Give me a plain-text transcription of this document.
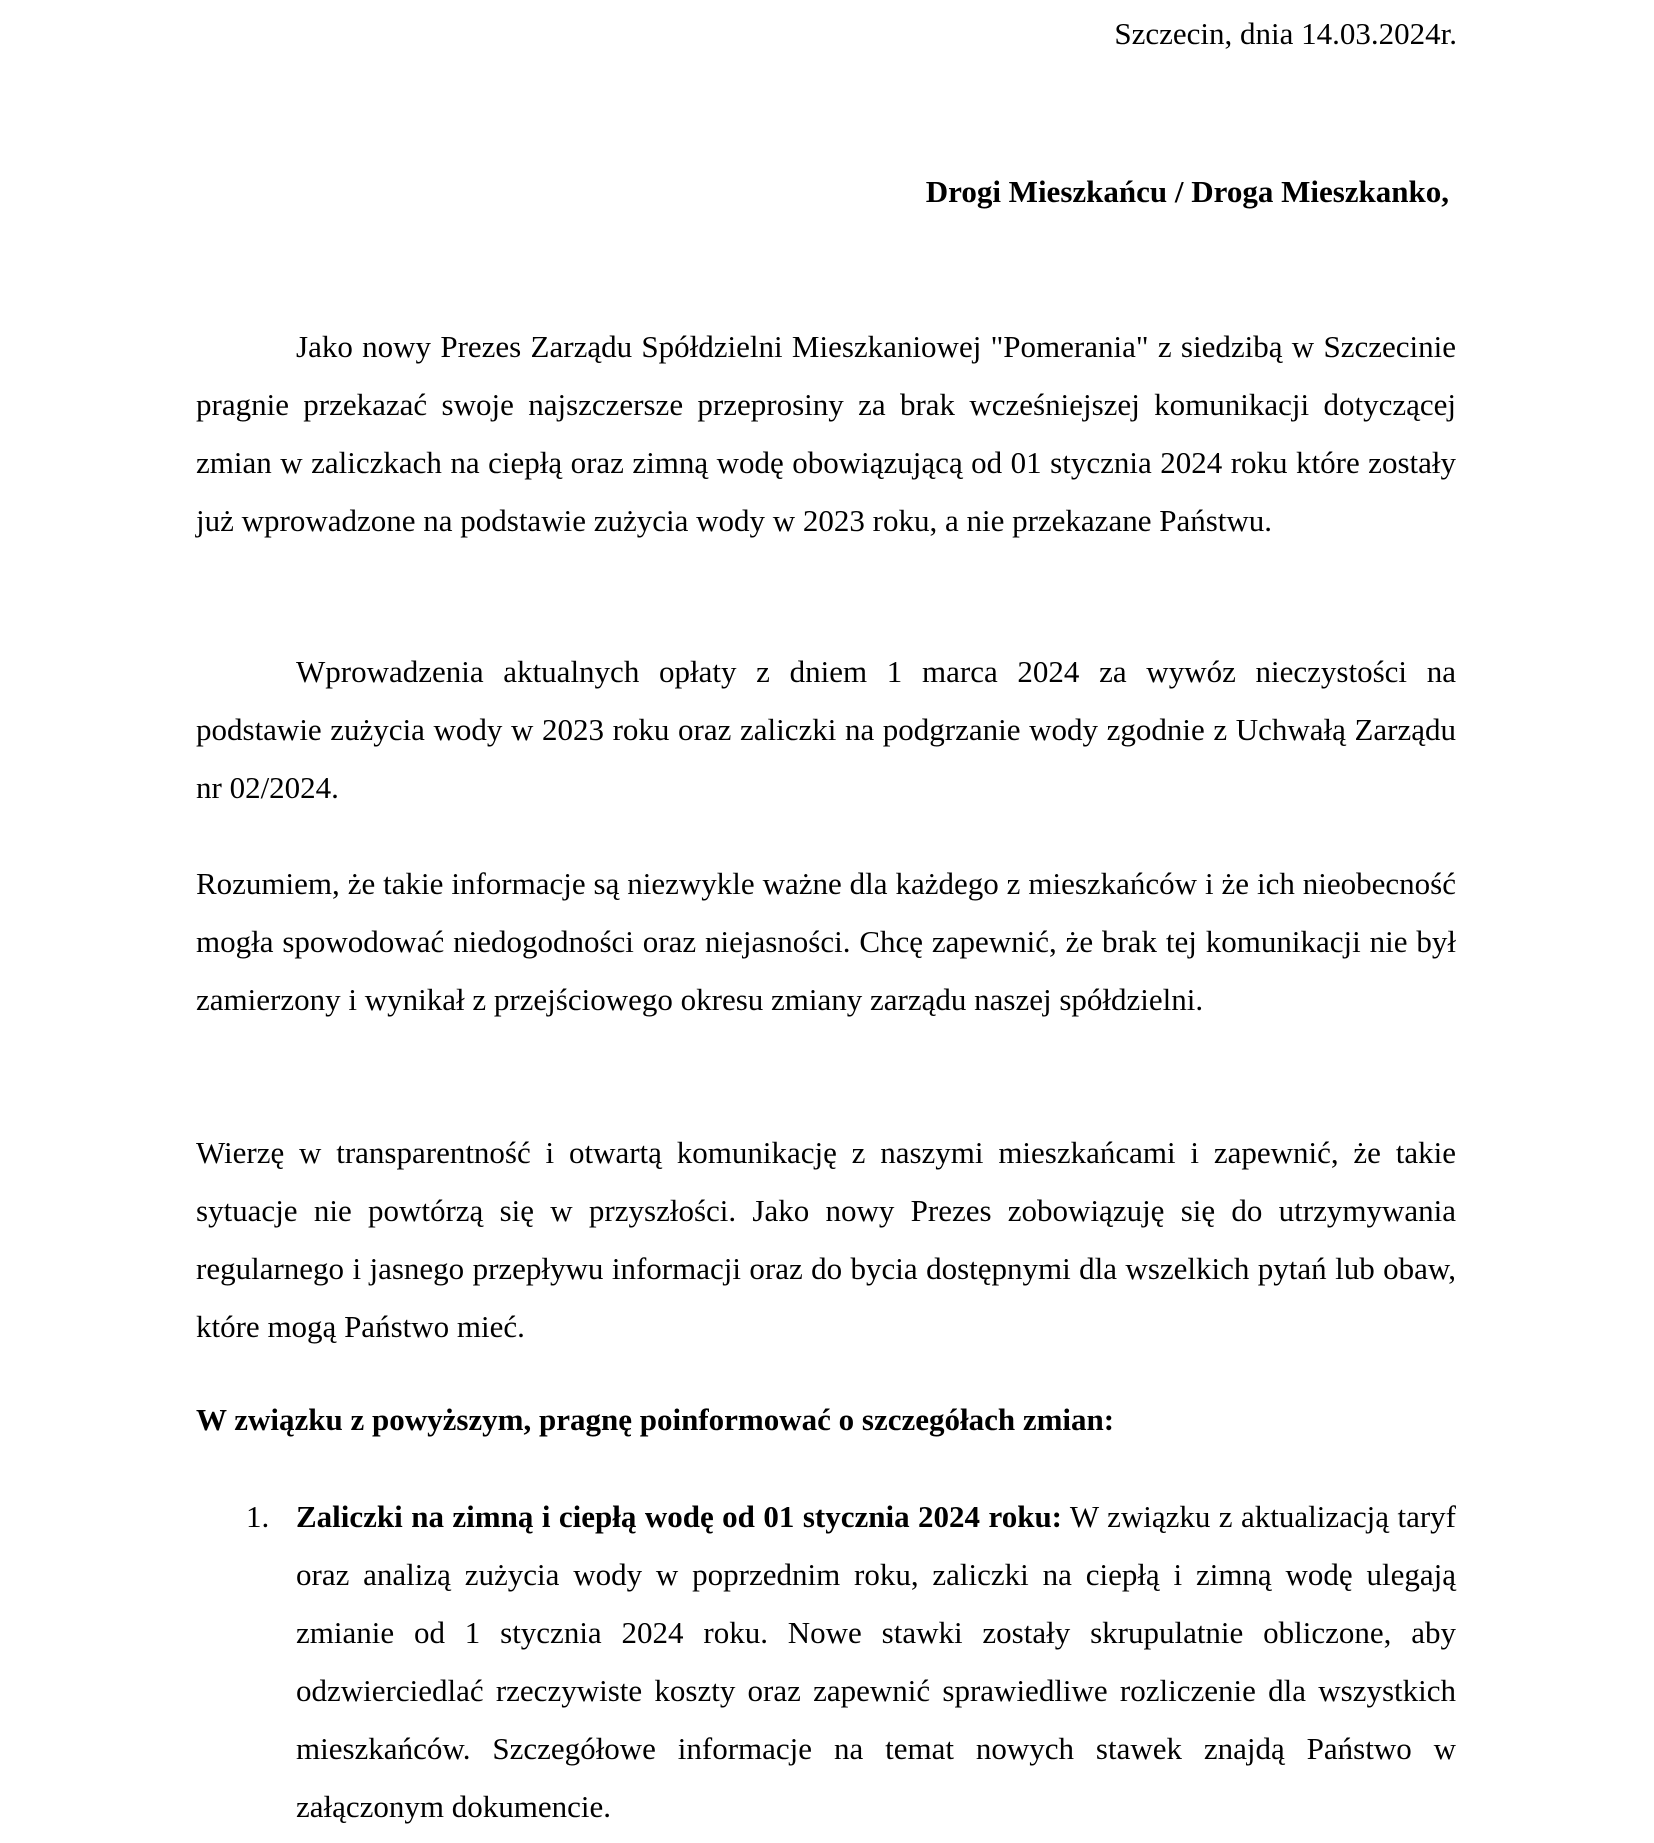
Szczecin, dnia 14.03.2024r.

Drogi Mieszkańcu / Droga Mieszkanko,

Jako nowy Prezes Zarządu Spółdzielni Mieszkaniowej "Pomerania" z siedzibą w Szczecinie pragnie przekazać swoje najszczersze przeprosiny za brak wcześniejszej komunikacji dotyczącej zmian w zaliczkach na ciepłą oraz zimną wodę obowiązującą od 01 stycznia 2024 roku które zostały już wprowadzone na podstawie zużycia wody w 2023 roku, a nie przekazane Państwu.

Wprowadzenia aktualnych opłaty z dniem 1 marca 2024 za wywóz nieczystości na podstawie zużycia wody w 2023 roku oraz zaliczki na podgrzanie wody zgodnie z Uchwałą Zarządu nr 02/2024.

Rozumiem, że takie informacje są niezwykle ważne dla każdego z mieszkańców i że ich nieobecność mogła spowodować niedogodności oraz niejasności. Chcę zapewnić, że brak tej komunikacji nie był zamierzony i wynikał z przejściowego okresu zmiany zarządu naszej spółdzielni.

Wierzę w transparentność i otwartą komunikację z naszymi mieszkańcami i zapewnić, że takie sytuacje nie powtórzą się w przyszłości. Jako nowy Prezes zobowiązuję się do utrzymywania regularnego i jasnego przepływu informacji oraz do bycia dostępnymi dla wszelkich pytań lub obaw, które mogą Państwo mieć.

W związku z powyższym, pragnę poinformować o szczegółach zmian:

1. Zaliczki na zimną i ciepłą wodę od 01 stycznia 2024 roku: W związku z aktualizacją taryf oraz analizą zużycia wody w poprzednim roku, zaliczki na ciepłą i zimną wodę ulegają zmianie od 1 stycznia 2024 roku. Nowe stawki zostały skrupulatnie obliczone, aby odzwierciedlać rzeczywiste koszty oraz zapewnić sprawiedliwe rozliczenie dla wszystkich mieszkańców. Szczegółowe informacje na temat nowych stawek znajdą Państwo w załączonym dokumencie.
